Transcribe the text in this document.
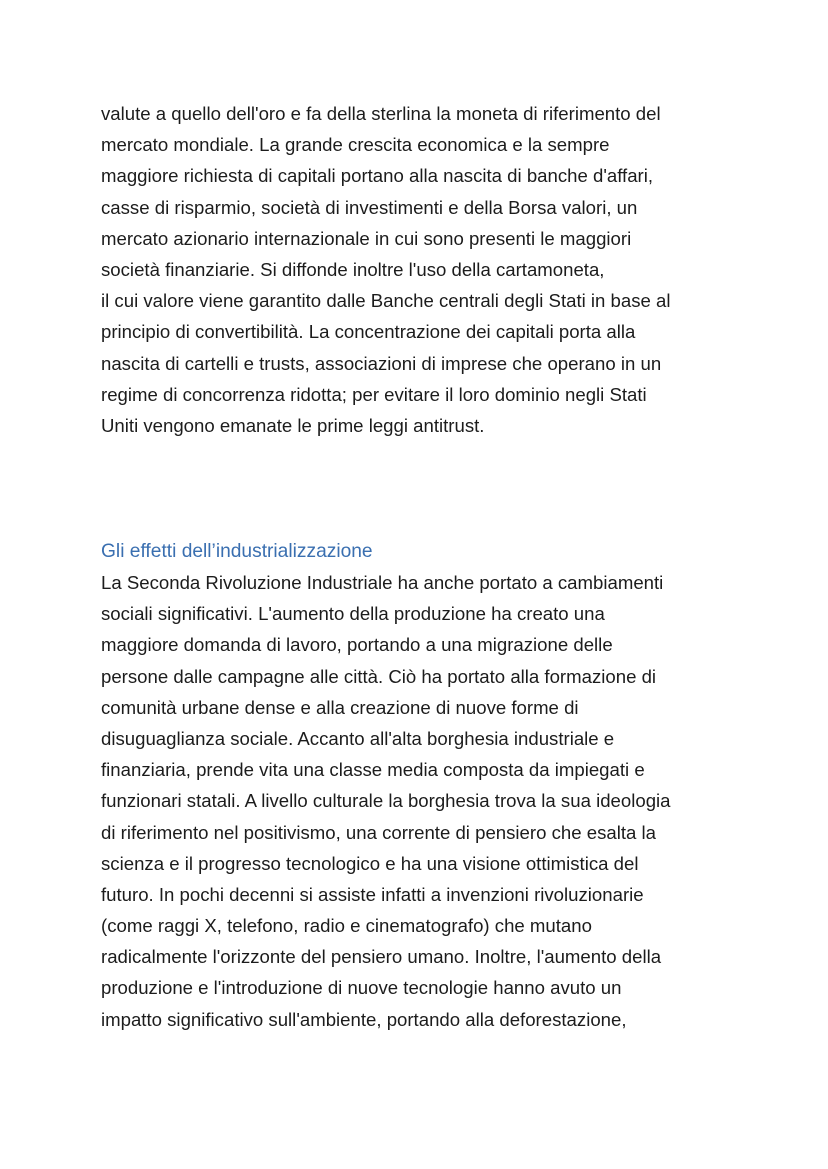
valute a quello dell'oro e fa della sterlina la moneta di riferimento del
mercato mondiale. La grande crescita economica e la sempre
maggiore richiesta di capitali portano alla nascita di banche d'affari,
casse di risparmio, società di investimenti e della Borsa valori, un
mercato azionario internazionale in cui sono presenti le maggiori
società finanziarie. Si diffonde inoltre l'uso della cartamoneta,
il cui valore viene garantito dalle Banche centrali degli Stati in base al
principio di convertibilità. La concentrazione dei capitali porta alla
nascita di cartelli e trusts, associazioni di imprese che operano in un
regime di concorrenza ridotta; per evitare il loro dominio negli Stati
Uniti vengono emanate le prime leggi antitrust.
Gli effetti dell’industrializzazione
La Seconda Rivoluzione Industriale ha anche portato a cambiamenti
sociali significativi. L'aumento della produzione ha creato una
maggiore domanda di lavoro, portando a una migrazione delle
persone dalle campagne alle città. Ciò ha portato alla formazione di
comunità urbane dense e alla creazione di nuove forme di
disuguaglianza sociale. Accanto all'alta borghesia industriale e
finanziaria, prende vita una classe media composta da impiegati e
funzionari statali. A livello culturale la borghesia trova la sua ideologia
di riferimento nel positivismo, una corrente di pensiero che esalta la
scienza e il progresso tecnologico e ha una visione ottimistica del
futuro. In pochi decenni si assiste infatti a invenzioni rivoluzionarie
(come raggi X, telefono, radio e cinematografo) che mutano
radicalmente l'orizzonte del pensiero umano. Inoltre, l'aumento della
produzione e l'introduzione di nuove tecnologie hanno avuto un
impatto significativo sull'ambiente, portando alla deforestazione,
